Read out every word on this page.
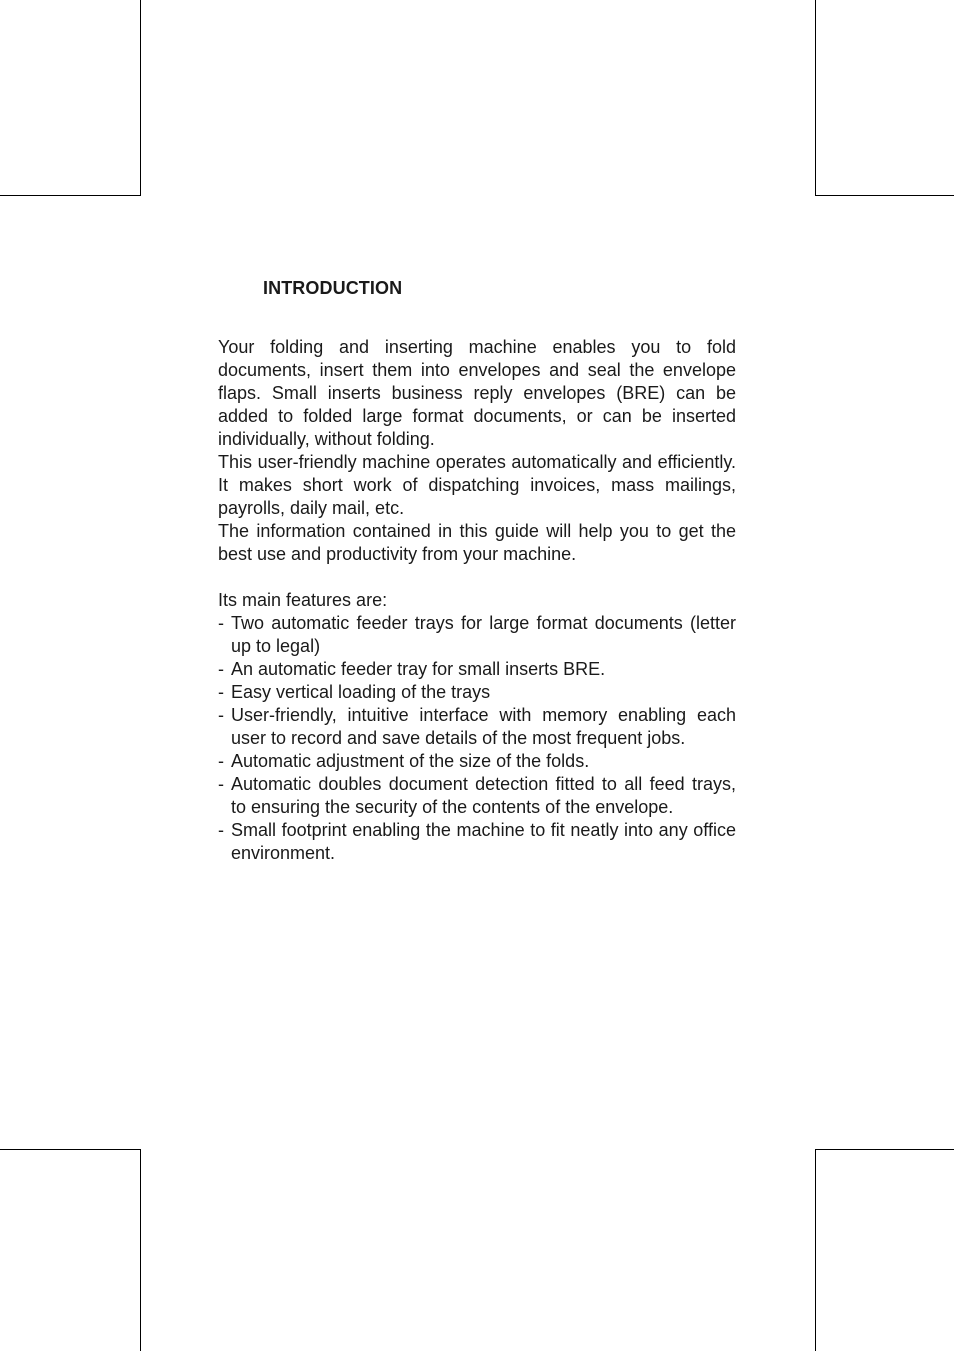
INTRODUCTION

Your folding and inserting machine enables you to fold documents, insert them into envelopes and seal the envelope flaps. Small inserts business reply envelopes (BRE) can be added to folded large format documents, or can be inserted individually, without folding.

This user-friendly machine operates automatically and efficiently. It makes short work of dispatching invoices, mass mailings, payrolls, daily mail, etc.

The information contained in this guide will help you to get the best use and productivity from your machine.

Its main features are:

- Two automatic feeder trays for large format documents (letter up to legal)
- An automatic feeder tray for small inserts BRE.
- Easy vertical loading of the trays
- User-friendly, intuitive interface with memory enabling each user to record and save details of the most frequent jobs.
- Automatic adjustment of the size of the folds.
- Automatic doubles document detection fitted to all feed trays, to ensuring the security of the contents of the envelope.
- Small footprint enabling the machine to fit neatly into any office environment.
